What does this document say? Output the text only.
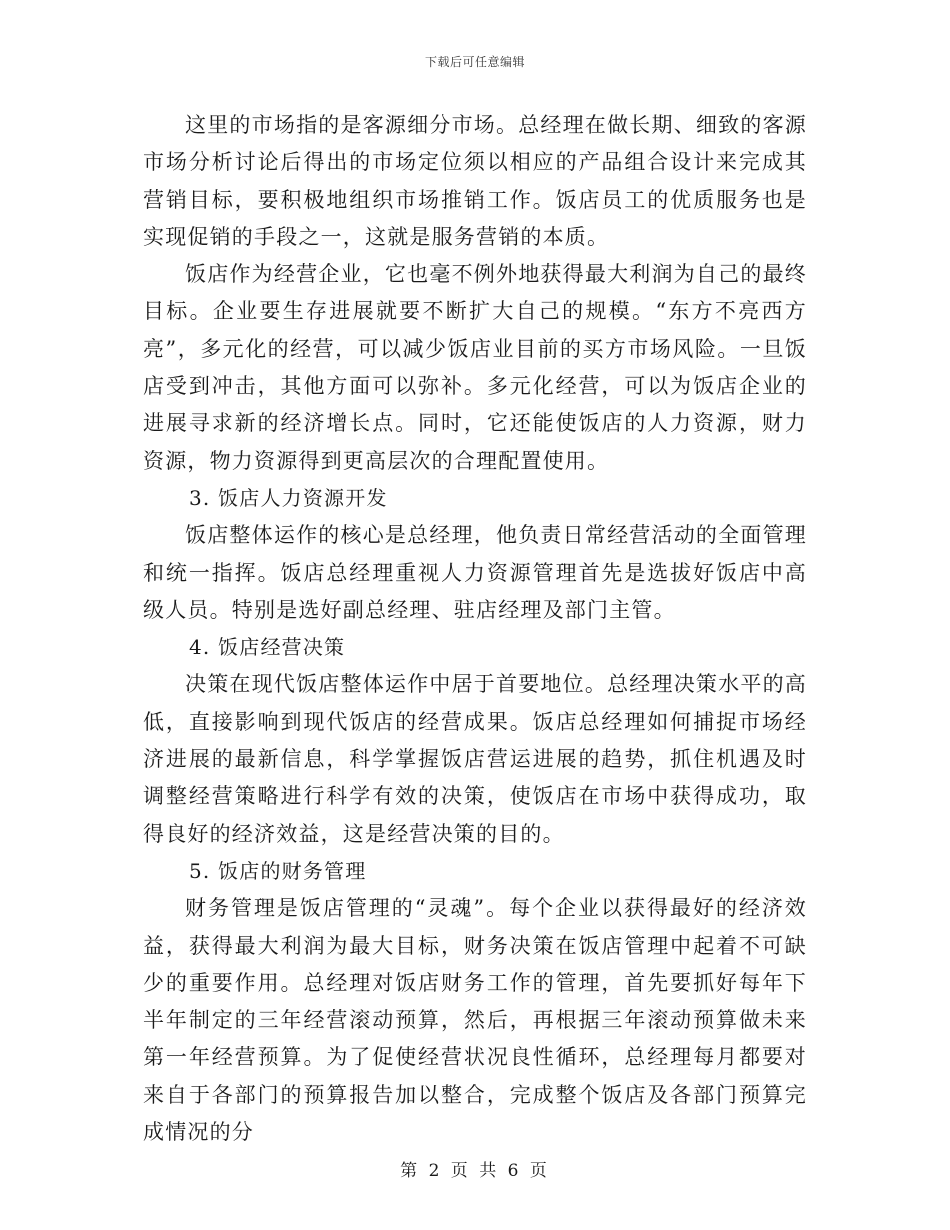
下载后可任意编辑

这里的市场指的是客源细分市场。总经理在做长期、细致的客源市场分析讨论后得出的市场定位须以相应的产品组合设计来完成其营销目标，要积极地组织市场推销工作。饭店员工的优质服务也是实现促销的手段之一，这就是服务营销的本质。

饭店作为经营企业，它也毫不例外地获得最大利润为自己的最终目标。企业要生存进展就要不断扩大自己的规模。“东方不亮西方亮”，多元化的经营，可以减少饭店业目前的买方市场风险。一旦饭店受到冲击，其他方面可以弥补。多元化经营，可以为饭店企业的进展寻求新的经济增长点。同时，它还能使饭店的人力资源，财力资源，物力资源得到更高层次的合理配置使用。

3. 饭店人力资源开发

饭店整体运作的核心是总经理，他负责日常经营活动的全面管理和统一指挥。饭店总经理重视人力资源管理首先是选拔好饭店中高级人员。特别是选好副总经理、驻店经理及部门主管。

4. 饭店经营决策

决策在现代饭店整体运作中居于首要地位。总经理决策水平的高低，直接影响到现代饭店的经营成果。饭店总经理如何捕捉市场经济进展的最新信息，科学掌握饭店营运进展的趋势，抓住机遇及时调整经营策略进行科学有效的决策，使饭店在市场中获得成功，取得良好的经济效益，这是经营决策的目的。

5. 饭店的财务管理

财务管理是饭店管理的“灵魂”。每个企业以获得最好的经济效益，获得最大利润为最大目标，财务决策在饭店管理中起着不可缺少的重要作用。总经理对饭店财务工作的管理，首先要抓好每年下半年制定的三年经营滚动预算，然后，再根据三年滚动预算做未来第一年经营预算。为了促使经营状况良性循环，总经理每月都要对来自于各部门的预算报告加以整合，完成整个饭店及各部门预算完成情况的分

第 2 页 共 6 页
